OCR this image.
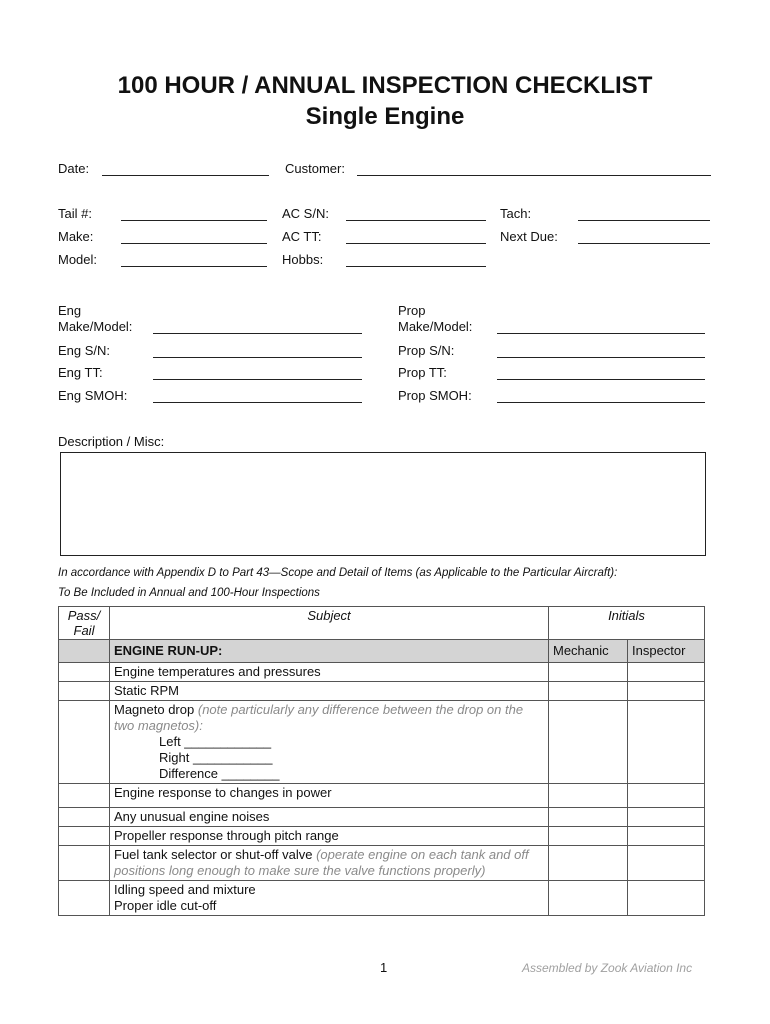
100 HOUR / ANNUAL INSPECTION CHECKLIST
Single Engine
Date:	Customer:
Tail #:	AC S/N:	Tach:
Make:	AC TT:	Next Due:
Model:	Hobbs:
Eng
Make/Model:
Prop
Make/Model:
Eng S/N:	Prop S/N:
Eng TT:	Prop TT:
Eng SMOH:	Prop SMOH:
Description / Misc:
In accordance with Appendix D to Part 43—Scope and Detail of Items (as Applicable to the Particular Aircraft):
To Be Included in Annual and 100-Hour Inspections
Pass/
Fail	Subject	Initials	
	ENGINE RUN-UP:	Mechanic	Inspector
	Engine temperatures and pressures		
	Static RPM		
	Magneto drop (note particularly any difference between the drop on the two magnetos):
Left ____________
Right ___________
Difference ________		

	Engine response to changes in power		
	Any unusual engine noises		
	Propeller response through pitch range		
	Fuel tank selector or shut-off valve (operate engine on each tank and off positions long enough to make sure the valve functions properly)		
	Idling speed and mixture
Proper idle cut-off		
1	Assembled by Zook Aviation Inc
